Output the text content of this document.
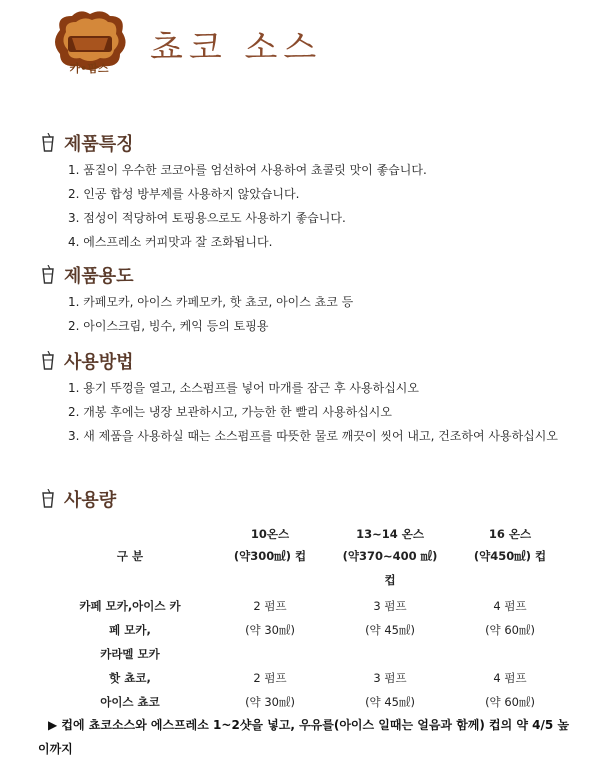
카•팜스
쵸코 소스
제품특징
1. 품질이 우수한 코코아를 엄선하여 사용하여 쵸콜릿 맛이 좋습니다.
2. 인공 합성 방부제를 사용하지 않았습니다.
3. 점성이 적당하여 토핑용으로도 사용하기 좋습니다.
4. 에스프레소 커피맛과 잘 조화됩니다.
제품용도
1. 카페모카, 아이스 카페모카, 핫 쵸코, 아이스 쵸코 등
2. 아이스크림, 빙수, 케익 등의 토핑용
사용방법
1. 용기 뚜껑을 열고, 소스펌프를 넣어 마개를 잠근 후 사용하십시오
2. 개봉 후에는 냉장 보관하시고, 가능한 한 빨리 사용하십시오
3. 새 제품을 사용하실 때는 소스펌프를 따뜻한 물로 깨끗이 씻어 내고, 건조하여 사용하십시오
사용량
구 분
10온스
(약300㎖) 컵
13~14 온스
(약370~400 ㎖)
컵
16 온스
(약450㎖) 컵
카페 모카,아이스 카
페 모카,
카라멜 모카
2 펌프
(약 30㎖)
3 펌프
(약 45㎖)
4 펌프
(약 60㎖)
핫 쵸코,
아이스 쵸코
2 펌프
(약 30㎖)
3 펌프
(약 45㎖)
4 펌프
(약 60㎖)
▶ 컵에 쵸코소스와 에스프레소 1~2샷을 넣고, 우유를(아이스 일때는 얼음과 함께) 컵의 약 4/5 높이까지
